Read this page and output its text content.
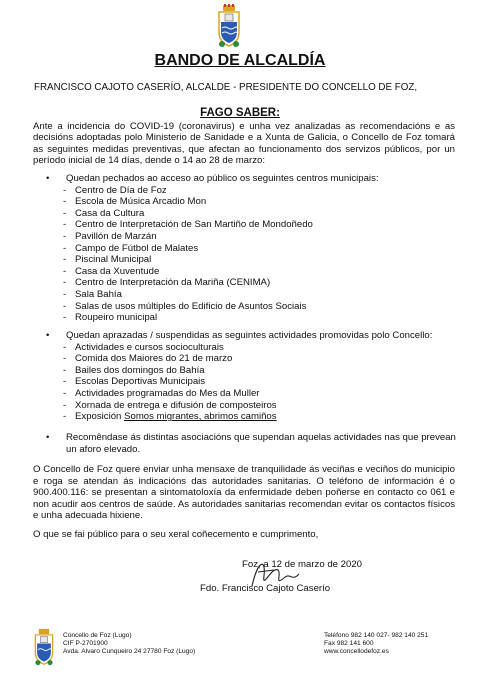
BANDO DE ALCALDÍA
FRANCISCO CAJOTO CASERÍO, ALCALDE - PRESIDENTE DO CONCELLO DE FOZ,
FAGO SABER:
Ante a incidencia do COVID-19 (coronavirus) e unha vez analizadas as recomendacións e as decisións adoptadas polo Ministerio de Sanidade e a Xunta de Galicia, o Concello de Foz tomará as seguintes medidas preventivas, que afectan ao funcionamento dos servizos públicos, por un período inicial de 14 días, dende o 14 ao 28 de marzo:
• Quedan pechados ao acceso ao público os seguintes centros municipais:
- Centro de Día de Foz
- Escola de Música Arcadio Mon
- Casa da Cultura
- Centro de Interpretación de San Martiño de Mondoñedo
- Pavillón de Marzán
- Campo de Fútbol de Malates
- Piscinal Municipal
- Casa da Xuventude
- Centro de Interpretación da Mariña (CENIMA)
- Sala Bahía
- Salas de usos múltiples do Edificio de Asuntos Sociais
- Roupeiro municipal
• Quedan aprazadas / suspendidas as seguintes actividades promovidas polo Concello:
- Actividades e cursos socioculturais
- Comida dos Maiores do 21 de marzo
- Bailes dos domingos do Bahía
- Escolas Deportivas Municipais
- Actividades programadas do Mes da Muller
- Xornada de entrega e difusión de composteiros
- Exposición Somos migrantes, abrimos camiños
• Recomêndase ás distintas asociacións que supendan aquelas actividades nas que prevean un aforo elevado.
O Concello de Foz quere enviar unha mensaxe de tranquilidade ás veciñas e veciños do municipio e roga se atendan ás indicacións das autoridades sanitarias. O teléfono de información é o 900.400.116: se presentan a sintomatoloxía da enfermidade deben poñerse en contacto co 061 e non acudir aos centros de saúde. As autoridades sanitarias recomendan evitar os contactos físicos e unha adecuada hixiene.
O que se fai público para o seu xeral coñecemento e cumprimento,
Foz, a 12 de marzo de 2020
Fdo. Francisco Cajoto Caserío
Concello de Foz (Lugo)
CIF P-2701900
Avda. Alvaro Cunqueiro 24 27780 Foz (Lugo)
Teléfono 982 140 027- 982 140 251
Fax 982 141 600
www.concellodefoz.es
